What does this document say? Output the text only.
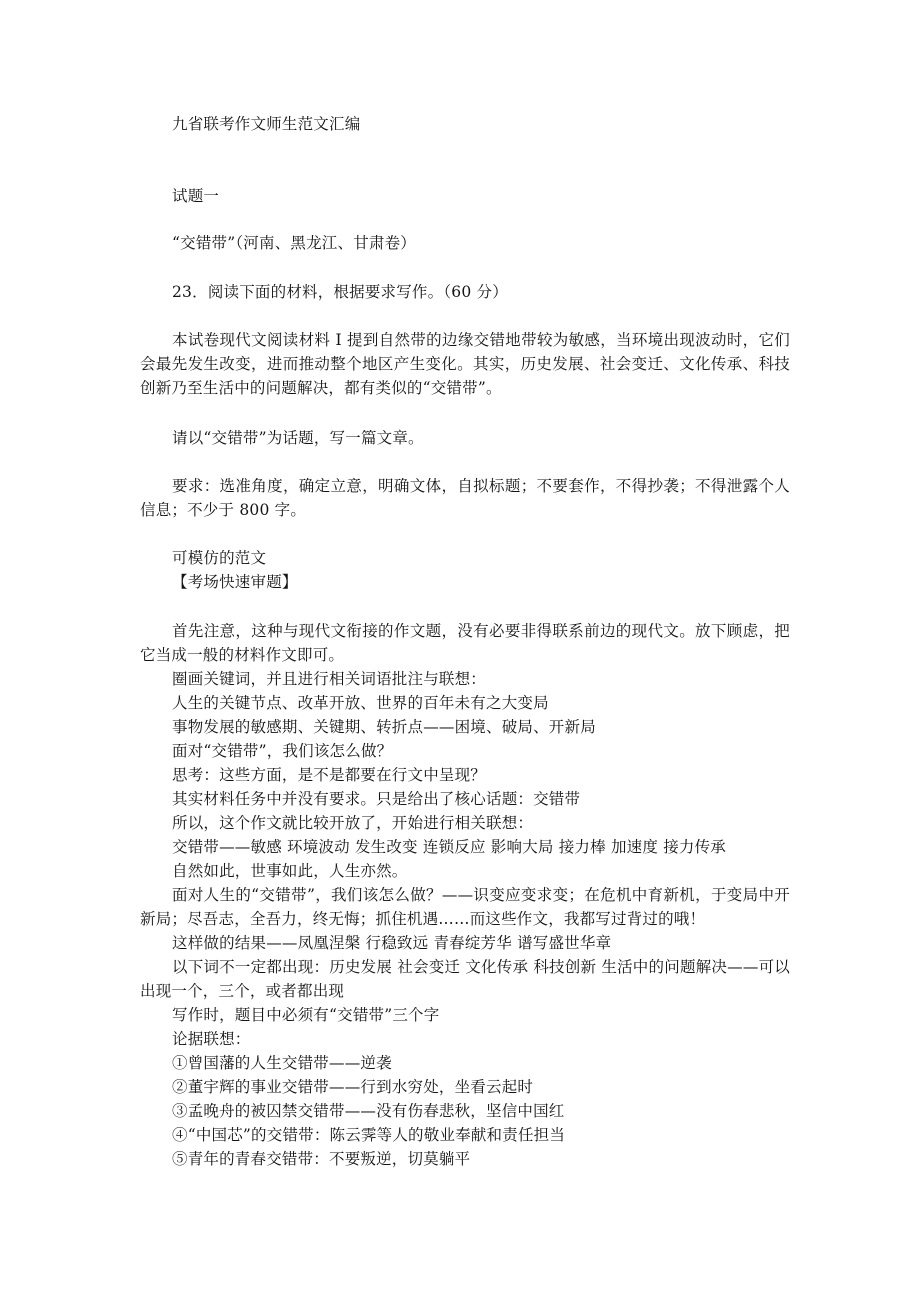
九省联考作文师生范文汇编
试题一
“交错带”（河南、黑龙江、甘肃卷）
23．阅读下面的材料，根据要求写作。（60 分）
本试卷现代文阅读材料 I 提到自然带的边缘交错地带较为敏感，当环境出现波动时，它们会最先发生改变，进而推动整个地区产生变化。其实，历史发展、社会变迁、文化传承、科技创新乃至生活中的问题解决，都有类似的“交错带”。
请以“交错带”为话题，写一篇文章。
要求：选准角度，确定立意，明确文体，自拟标题；不要套作，不得抄袭；不得泄露个人信息；不少于 800 字。
可模仿的范文
【考场快速审题】
首先注意，这种与现代文衔接的作文题，没有必要非得联系前边的现代文。放下顾虑，把它当成一般的材料作文即可。
圈画关键词，并且进行相关词语批注与联想：
人生的关键节点、改革开放、世界的百年未有之大变局
事物发展的敏感期、关键期、转折点——困境、破局、开新局
面对“交错带”，我们该怎么做？
思考：这些方面，是不是都要在行文中呈现？
其实材料任务中并没有要求。只是给出了核心话题：交错带
所以，这个作文就比较开放了，开始进行相关联想：
交错带——敏感 环境波动 发生改变 连锁反应 影响大局 接力棒 加速度 接力传承
自然如此，世事如此，人生亦然。
面对人生的“交错带”，我们该怎么做？——识变应变求变；在危机中育新机，于变局中开新局；尽吾志，全吾力，终无悔；抓住机遇……而这些作文，我都写过背过的哦！
这样做的结果——凤凰涅槃 行稳致远 青春绽芳华 谱写盛世华章
以下词不一定都出现：历史发展 社会变迁 文化传承 科技创新 生活中的问题解决——可以出现一个，三个，或者都出现
写作时，题目中必须有“交错带”三个字
论据联想：
①曾国藩的人生交错带——逆袭
②董宇辉的事业交错带——行到水穷处，坐看云起时
③孟晚舟的被囚禁交错带——没有伤春悲秋，坚信中国红
④“中国芯”的交错带：陈云霁等人的敬业奉献和责任担当
⑤青年的青春交错带：不要叛逆，切莫躺平
